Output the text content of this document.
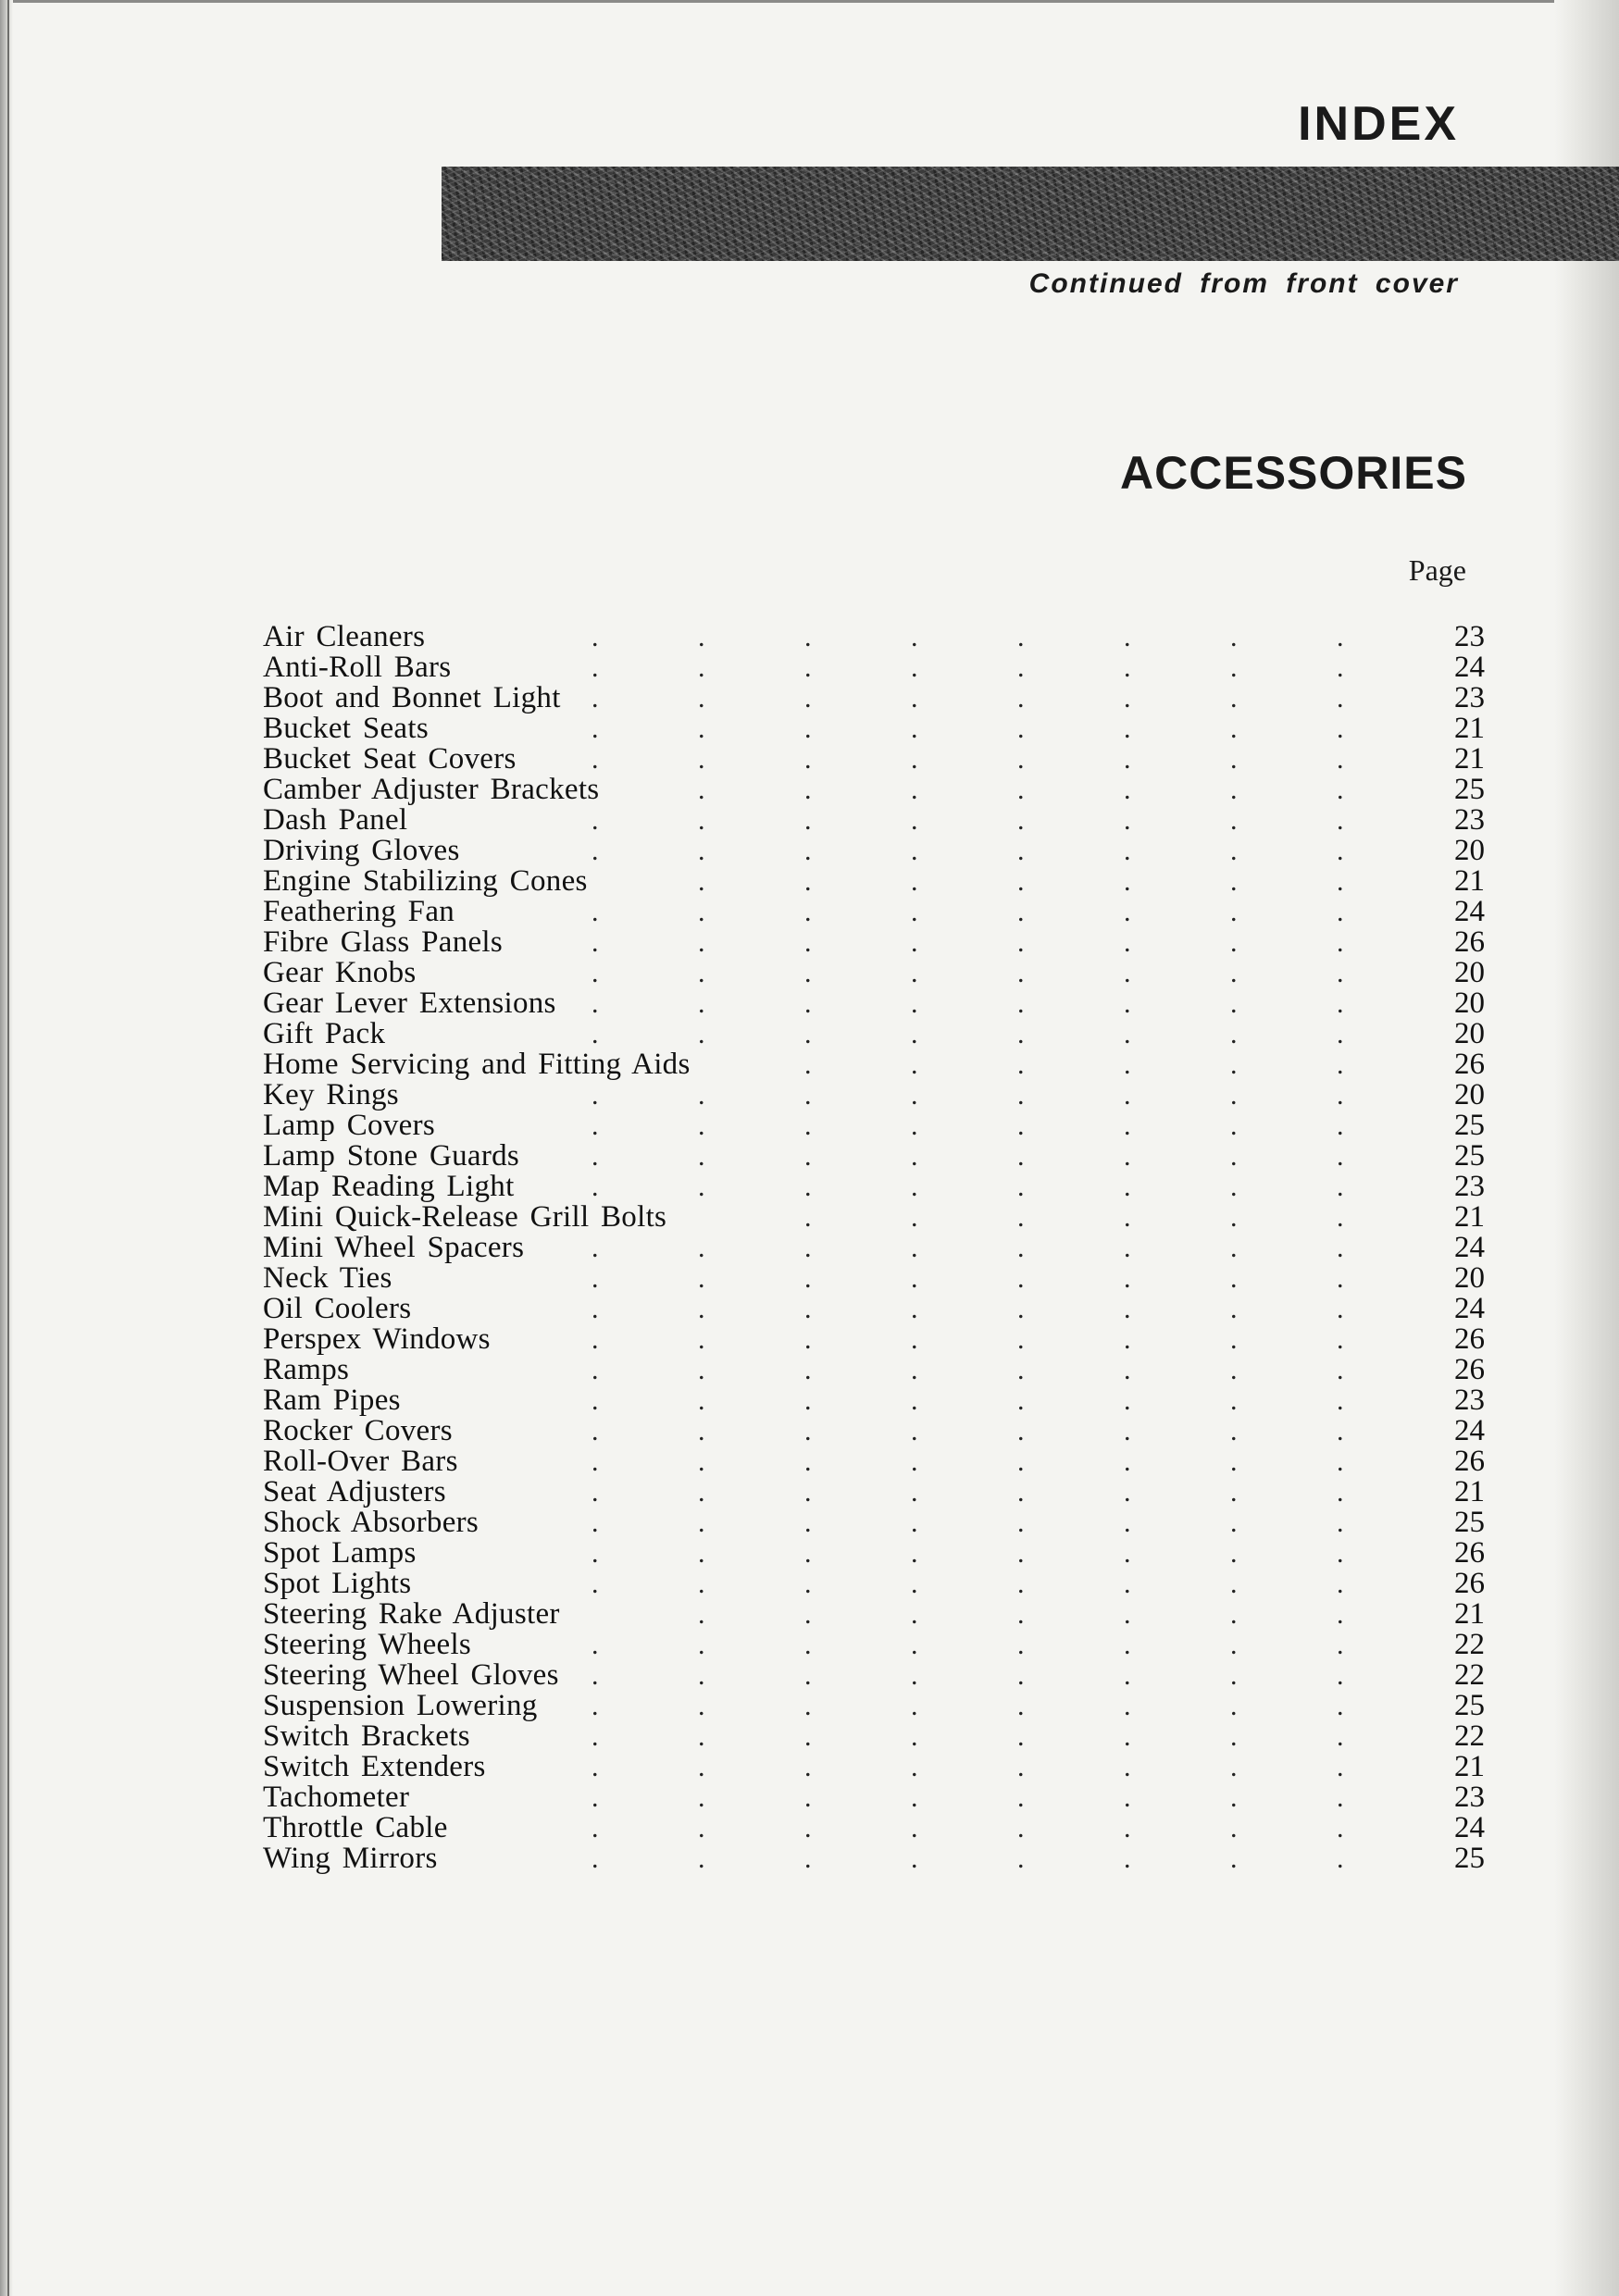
INDEX
Continued from front cover
ACCESSORIES
Page
Air Cleaners	.	.	.	.	.	.	.	.	23
Anti-Roll Bars	.	.	.	.	.	.	.	.	24
Boot and Bonnet Light .	.	.	.	.	.	.	.	23
Bucket Seats	.	.	.	.	.	.	.	.	21
Bucket Seat Covers	.	.	.	.	.	.	.	.	21
Camber Adjuster Brackets	.	.	.	.	.	.	.	25
Dash Panel	.	.	.	.	.	.	.	.	23
Driving Gloves	.	.	.	.	.	.	.	.	20
Engine Stabilizing Cones	.	.	.	.	.	.	.	21
Feathering Fan	.	.	.	.	.	.	.	.	24
Fibre Glass Panels	.	.	.	.	.	.	.	.	26
Gear Knobs	.	.	.	.	.	.	.	.	20
Gear Lever Extensions .	.	.	.	.	.	.	.	20
Gift Pack	.	.	.	.	.	.	.	.	20
Home Servicing and Fitting Aids	.	.	.	.	.	.	26
Key Rings	.	.	.	.	.	.	.	.	20
Lamp Covers	.	.	.	.	.	.	.	.	25
Lamp Stone Guards	.	.	.	.	.	.	.	.	25
Map Reading Light	.	.	.	.	.	.	.	.	23
Mini Quick-Release Grill Bolts	.	.	.	.	.	.	21
Mini Wheel Spacers .	.	.	.	.	.	.	.	24
Neck Ties	.	.	.	.	.	.	.	.	20
Oil Coolers	.	.	.	.	.	.	.	.	24
Perspex Windows	.	.	.	.	.	.	.	.	26
Ramps	.	.	.	.	.	.	.	.	26
Ram Pipes	.	.	.	.	.	.	.	.	23
Rocker Covers	.	.	.	.	.	.	.	.	24
Roll-Over Bars	.	.	.	.	.	.	.	.	26
Seat Adjusters	.	.	.	.	.	.	.	.	21
Shock Absorbers	.	.	.	.	.	.	.	.	25
Spot Lamps	.	.	.	.	.	.	.	.	26
Spot Lights	.	.	.	.	.	.	.	.	26
Steering Rake Adjuster	.	.	.	.	.	.	.	21
Steering Wheels	.	.	.	.	.	.	.	.	22
Steering Wheel Gloves .	.	.	.	.	.	.	.	22
Suspension Lowering .	.	.	.	.	.	.	.	25
Switch Brackets	.	.	.	.	.	.	.	.	22
Switch Extenders	.	.	.	.	.	.	.	.	21
Tachometer	.	.	.	.	.	.	.	.	23
Throttle Cable	.	.	.	.	.	.	.	.	24
Wing Mirrors	.	.	.	.	.	.	.	.	25
